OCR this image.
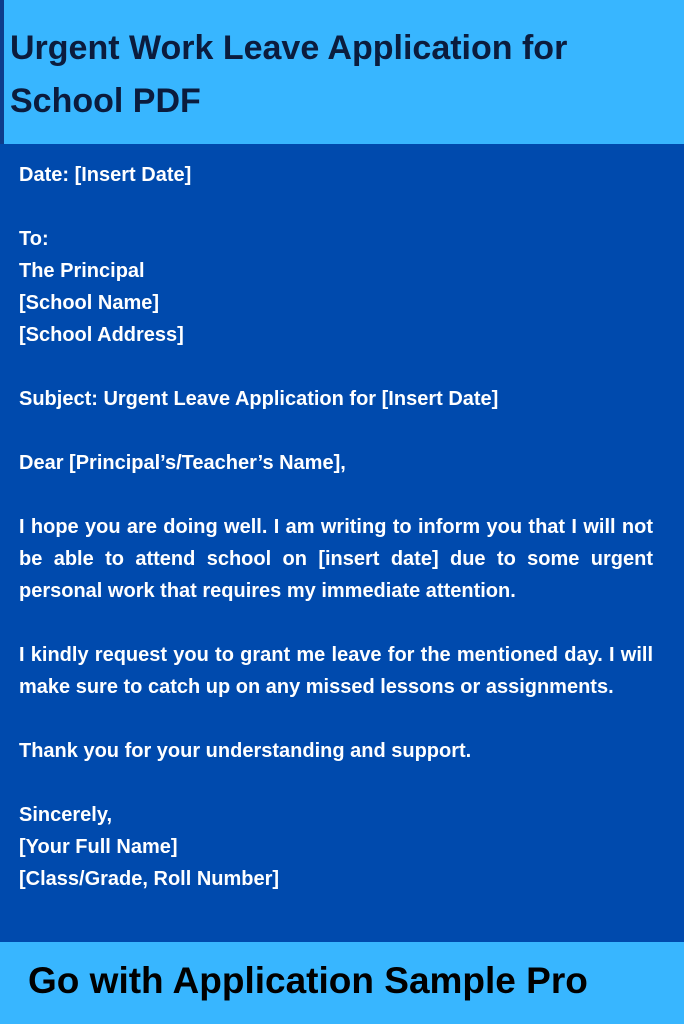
Urgent Work Leave Application for School PDF

Date: [Insert Date]

To:

The Principal

[School Name]

[School Address]

Subject: Urgent Leave Application for [Insert Date]

Dear [Principal’s/Teacher’s Name],

I hope you are doing well. I am writing to inform you that I will not be able to attend school on [insert date] due to some urgent personal work that requires my immediate attention.

I kindly request you to grant me leave for the mentioned day. I will make sure to catch up on any missed lessons or assignments.

Thank you for your understanding and support.

Sincerely,

[Your Full Name]

[Class/Grade, Roll Number]

Go with Application Sample Pro
